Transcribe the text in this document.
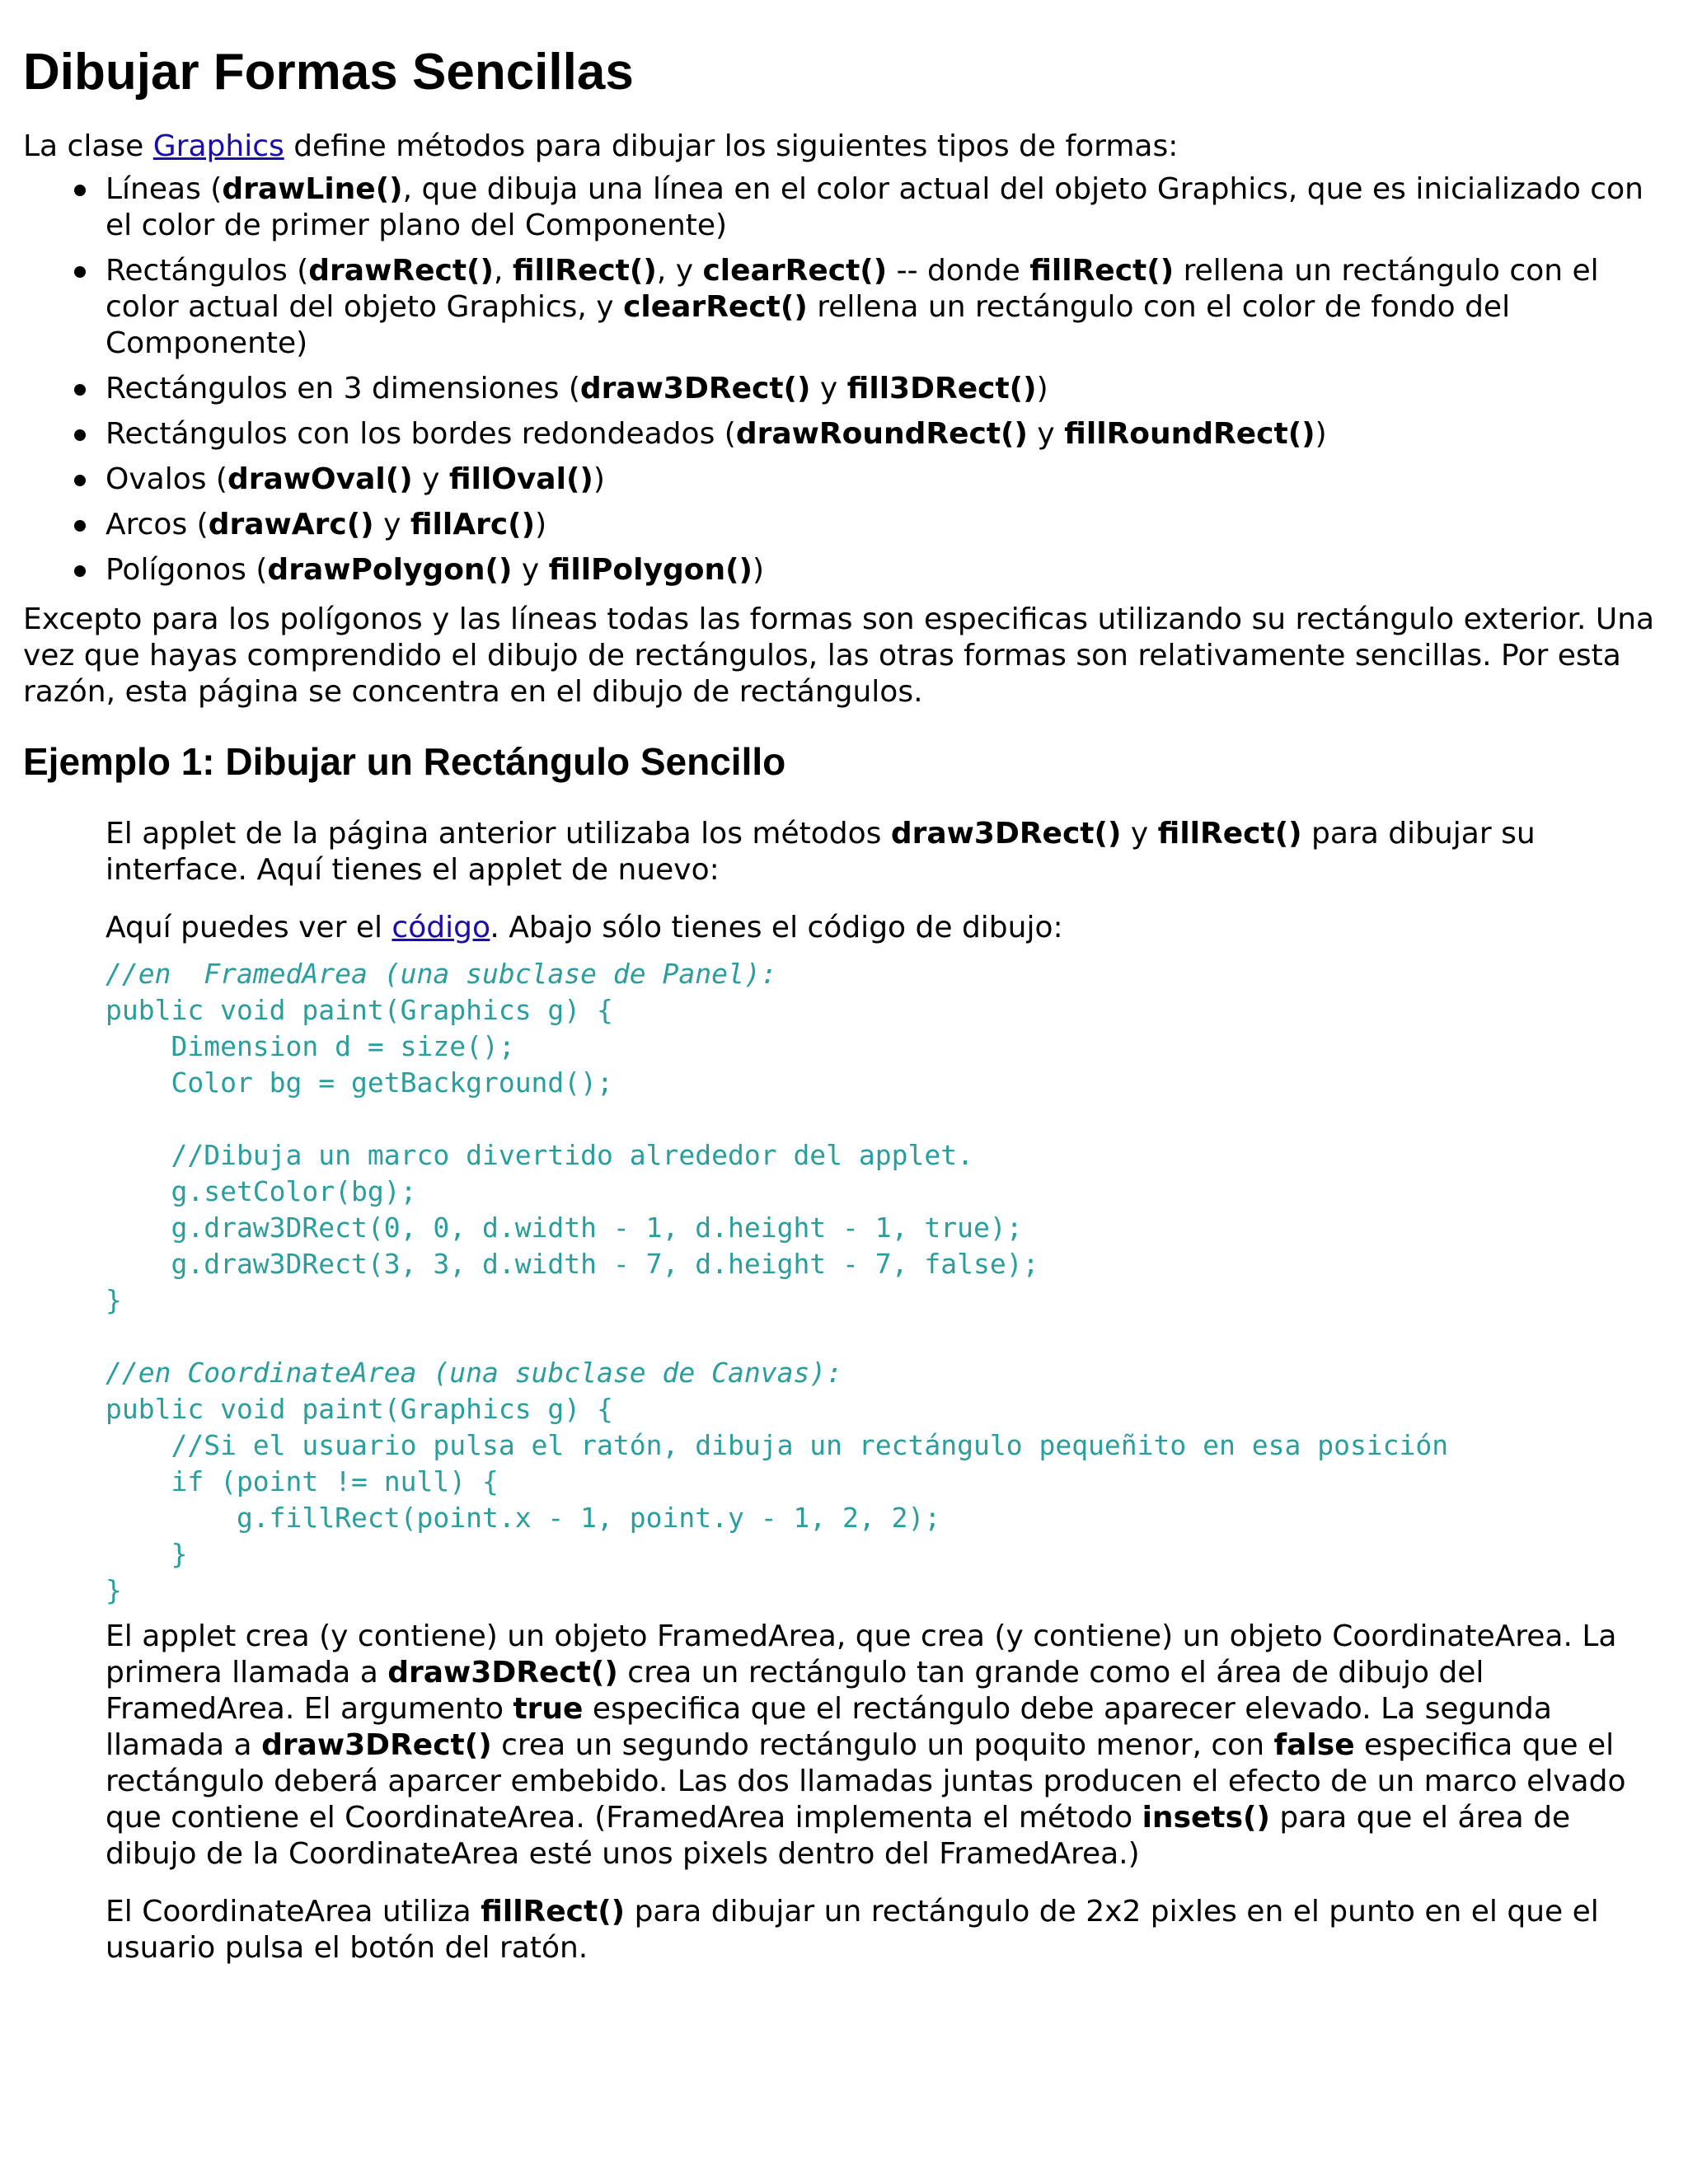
Dibujar Formas Sencillas

La clase Graphics define métodos para dibujar los siguientes tipos de formas:

Líneas (drawLine(), que dibuja una línea en el color actual del objeto Graphics, que es inicializado con el color de primer plano del Componente)
Rectángulos (drawRect(), fillRect(), y clearRect() -- donde fillRect() rellena un rectángulo con el color actual del objeto Graphics, y clearRect() rellena un rectángulo con el color de fondo del Componente)
Rectángulos en 3 dimensiones (draw3DRect() y fill3DRect())
Rectángulos con los bordes redondeados (drawRoundRect() y fillRoundRect())
Ovalos (drawOval() y fillOval())
Arcos (drawArc() y fillArc())
Polígonos (drawPolygon() y fillPolygon())

Excepto para los polígonos y las líneas todas las formas son especificas utilizando su rectángulo exterior. Una vez que hayas comprendido el dibujo de rectángulos, las otras formas son relativamente sencillas. Por esta razón, esta página se concentra en el dibujo de rectángulos.

Ejemplo 1: Dibujar un Rectángulo Sencillo

El applet de la página anterior utilizaba los métodos draw3DRect() y fillRect() para dibujar su interface. Aquí tienes el applet de nuevo:

Aquí puedes ver el código. Abajo sólo tienes el código de dibujo:

//en  FramedArea (una subclase de Panel):
public void paint(Graphics g) {
Dimension d = size();
Color bg = getBackground();
//Dibuja un marco divertido alrededor del applet.
g.setColor(bg);
g.draw3DRect(0, 0, d.width - 1, d.height - 1, true);
g.draw3DRect(3, 3, d.width - 7, d.height - 7, false);
}
//en CoordinateArea (una subclase de Canvas):
public void paint(Graphics g) {
//Si el usuario pulsa el ratón, dibuja un rectángulo pequeñito en esa posición
if (point != null) {
g.fillRect(point.x - 1, point.y - 1, 2, 2);
}
}

El applet crea (y contiene) un objeto FramedArea, que crea (y contiene) un objeto CoordinateArea. La primera llamada a draw3DRect() crea un rectángulo tan grande como el área de dibujo del FramedArea. El argumento true especifica que el rectángulo debe aparecer elevado. La segunda llamada a draw3DRect() crea un segundo rectángulo un poquito menor, con false especifica que el rectángulo deberá aparcer embebido. Las dos llamadas juntas producen el efecto de un marco elvado que contiene el CoordinateArea. (FramedArea implementa el método insets() para que el área de dibujo de la CoordinateArea esté unos pixels dentro del FramedArea.)

El CoordinateArea utiliza fillRect() para dibujar un rectángulo de 2x2 pixles en el punto en el que el usuario pulsa el botón del ratón.
